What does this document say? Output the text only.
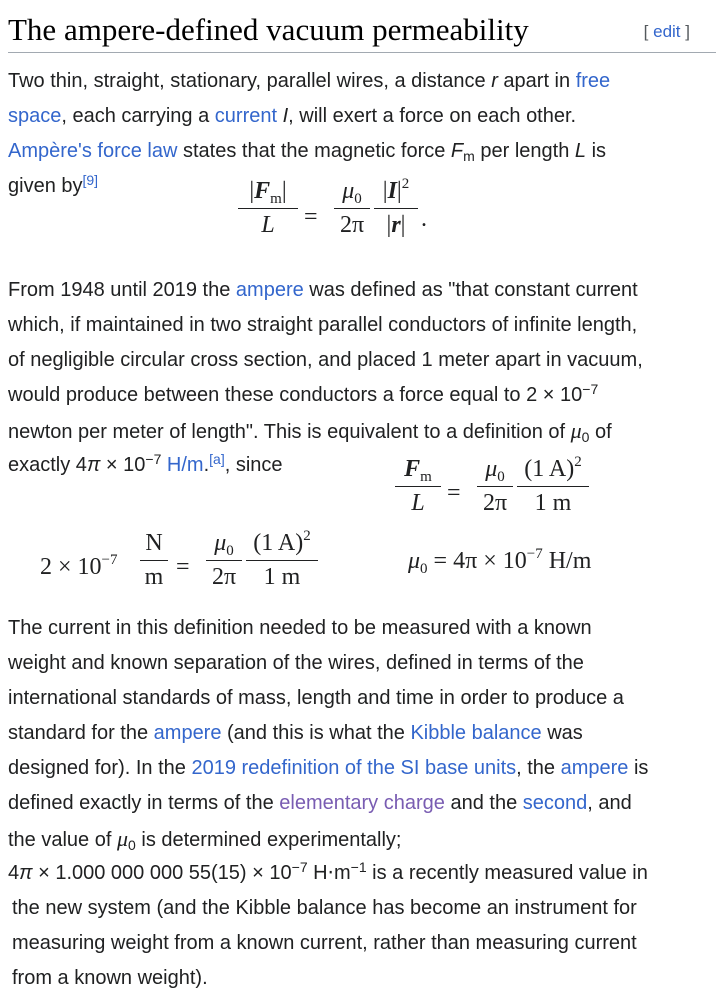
The ampere-defined vacuum permeability	[ edit ]

Two thin, straight, stationary, parallel wires, a distance r apart in free

space, each carrying a current I, will exert a force on each other.

Ampère's force law states that the magnetic force $F_m$ per length L is

given by[9]	$|F_m|$
L	=
$\mu_0$
2π
$|I|^2$
|r| .

From 1948 until 2019 the ampere was defined as "that constant current

which, if maintained in two straight parallel conductors of infinite length,

of negligible circular cross section, and placed 1 meter apart in vacuum,

would produce between these conductors a force equal to $2 \times 10^{-7}$

newton per meter of length". This is equivalent to a definition of $\mu_0$ of

exactly $4\pi \times 10^{-7}$ H/m.[a], since	$F_m$
L =
$\mu_0$
2π
(1 A)$^2$
1 m
$2 \times 10^{-7}$
N
m =
$\mu_0$
2π
(1 A)$^2$
1 m
$\mu_0 = 4\pi \times 10^{-7}$ H/m

The current in this definition needed to be measured with a known

weight and known separation of the wires, defined in terms of the

international standards of mass, length and time in order to produce a

standard for the ampere (and this is what the Kibble balance was

designed for). In the 2019 redefinition of the SI base units, the ampere is

defined exactly in terms of the elementary charge and the second, and

the value of $\mu_0$ is determined experimentally;

4π × 1.000 000 000 $55(15) \times 10^{-7}$ $H\cdot m^{-1}$ is a recently measured value in

the new system (and the Kibble balance has become an instrument for

measuring weight from a known current, rather than measuring current

from a known weight).
